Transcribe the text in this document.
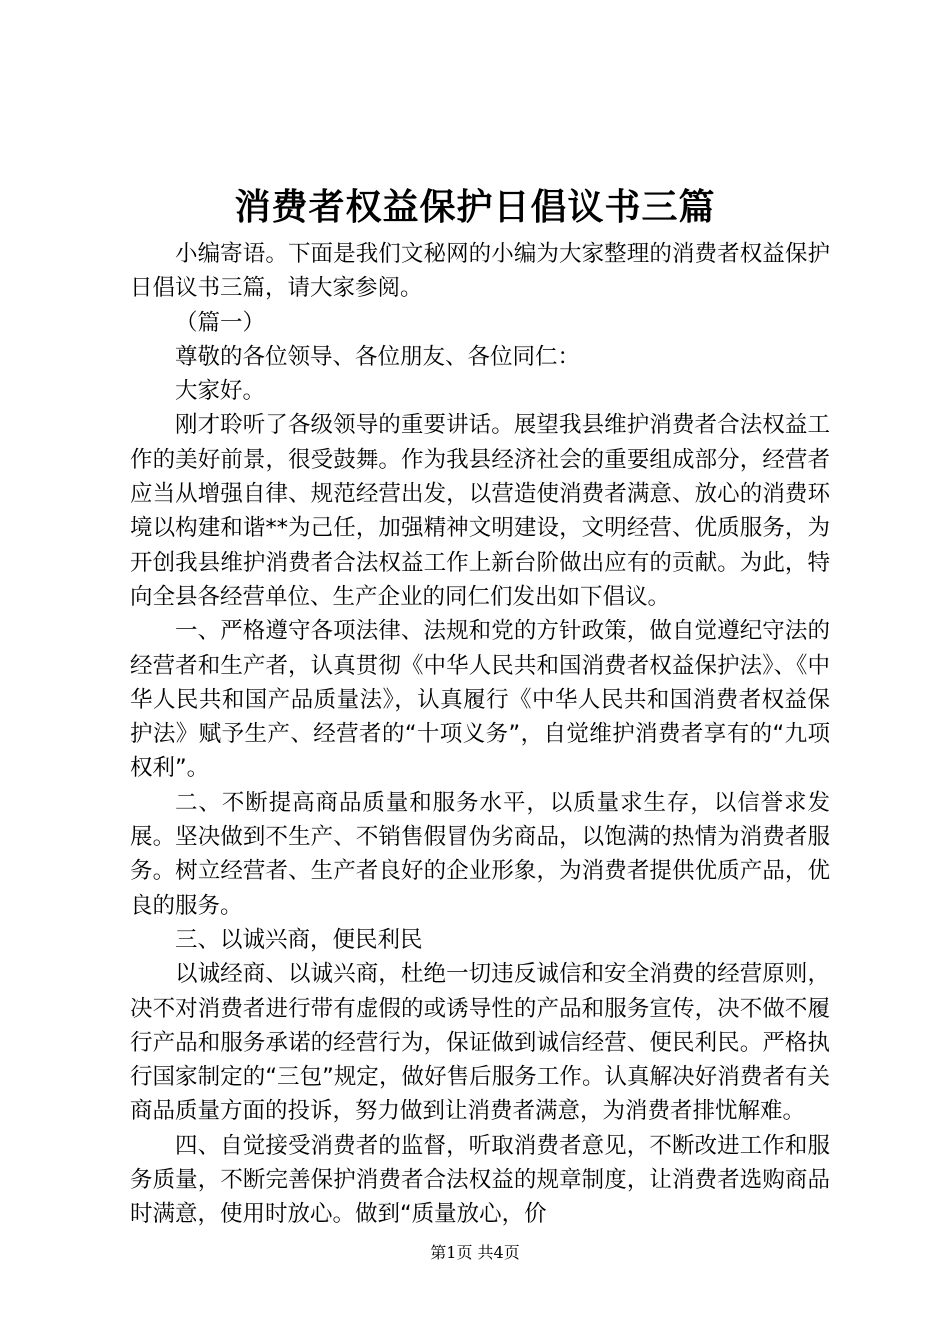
消费者权益保护日倡议书三篇

小编寄语。下面是我们文秘网的小编为大家整理的消费者权益保护日倡议书三篇，请大家参阅。

（篇一）

尊敬的各位领导、各位朋友、各位同仁：

大家好。

刚才聆听了各级领导的重要讲话。展望我县维护消费者合法权益工作的美好前景，很受鼓舞。作为我县经济社会的重要组成部分，经营者应当从增强自律、规范经营出发，以营造使消费者满意、放心的消费环境以构建和谐**为己任，加强精神文明建设，文明经营、优质服务，为开创我县维护消费者合法权益工作上新台阶做出应有的贡献。为此，特向全县各经营单位、生产企业的同仁们发出如下倡议。

一、严格遵守各项法律、法规和党的方针政策，做自觉遵纪守法的经营者和生产者，认真贯彻《中华人民共和国消费者权益保护法》、《中华人民共和国产品质量法》，认真履行《中华人民共和国消费者权益保护法》赋予生产、经营者的“十项义务”，自觉维护消费者享有的“九项权利”。

二、不断提高商品质量和服务水平，以质量求生存，以信誉求发展。坚决做到不生产、不销售假冒伪劣商品，以饱满的热情为消费者服务。树立经营者、生产者良好的企业形象，为消费者提供优质产品，优良的服务。

三、以诚兴商，便民利民

以诚经商、以诚兴商，杜绝一切违反诚信和安全消费的经营原则，决不对消费者进行带有虚假的或诱导性的产品和服务宣传，决不做不履行产品和服务承诺的经营行为，保证做到诚信经营、便民利民。严格执行国家制定的“三包”规定，做好售后服务工作。认真解决好消费者有关商品质量方面的投诉，努力做到让消费者满意，为消费者排忧解难。

四、自觉接受消费者的监督，听取消费者意见，不断改进工作和服务质量，不断完善保护消费者合法权益的规章制度，让消费者选购商品时满意，使用时放心。做到“质量放心，价

第1页 共4页
